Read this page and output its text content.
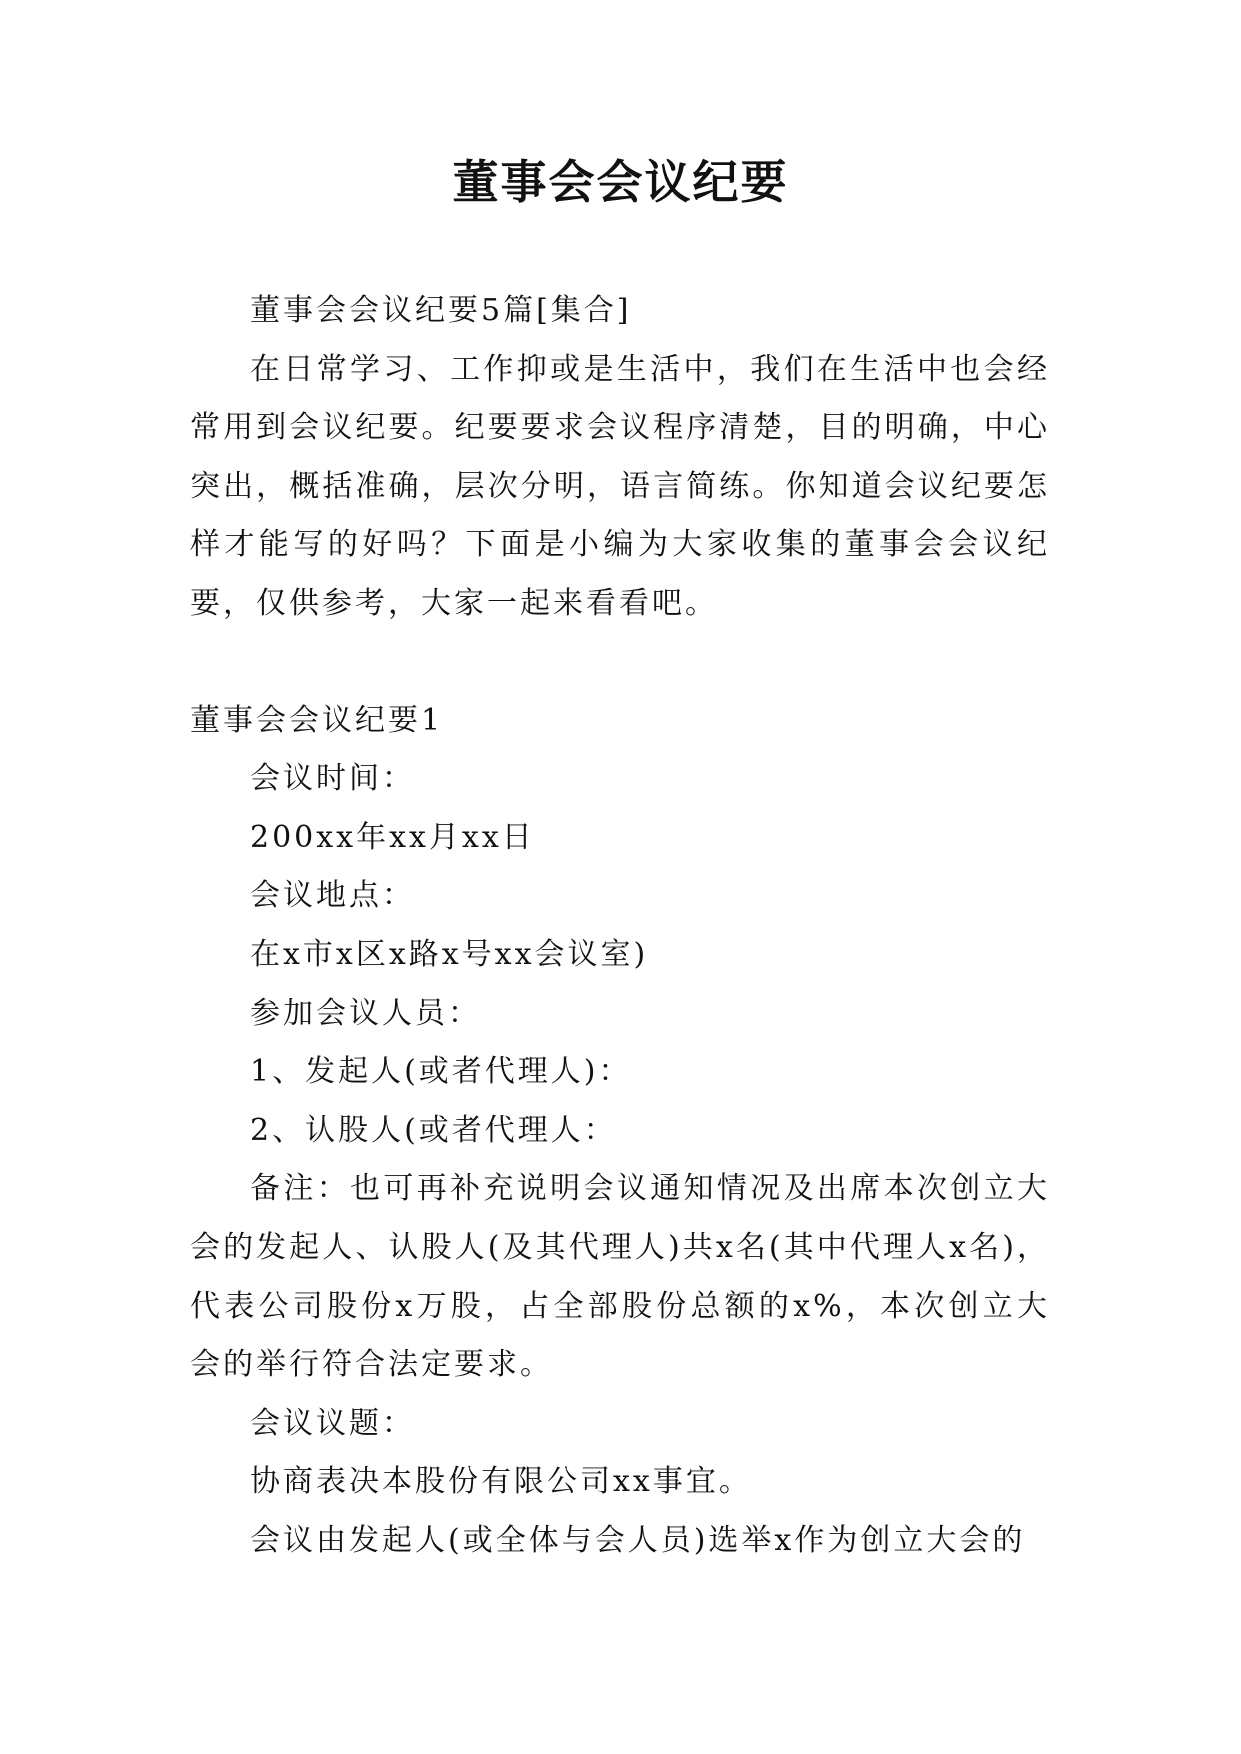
董事会会议纪要

董事会会议纪要5篇[集合]

在日常学习、工作抑或是生活中，我们在生活中也会经常用到会议纪要。纪要要求会议程序清楚，目的明确，中心突出，概括准确，层次分明，语言简练。你知道会议纪要怎样才能写的好吗？下面是小编为大家收集的董事会会议纪要，仅供参考，大家一起来看看吧。

董事会会议纪要1

会议时间：

200xx年xx月xx日

会议地点：

在x市x区x路x号xx会议室)

参加会议人员：

1、发起人(或者代理人)：

2、认股人(或者代理人：

备注：也可再补充说明会议通知情况及出席本次创立大会的发起人、认股人(及其代理人)共x名(其中代理人x名)，代表公司股份x万股，占全部股份总额的x%，本次创立大会的举行符合法定要求。

会议议题：

协商表决本股份有限公司xx事宜。

会议由发起人(或全体与会人员)选举x作为创立大会的
